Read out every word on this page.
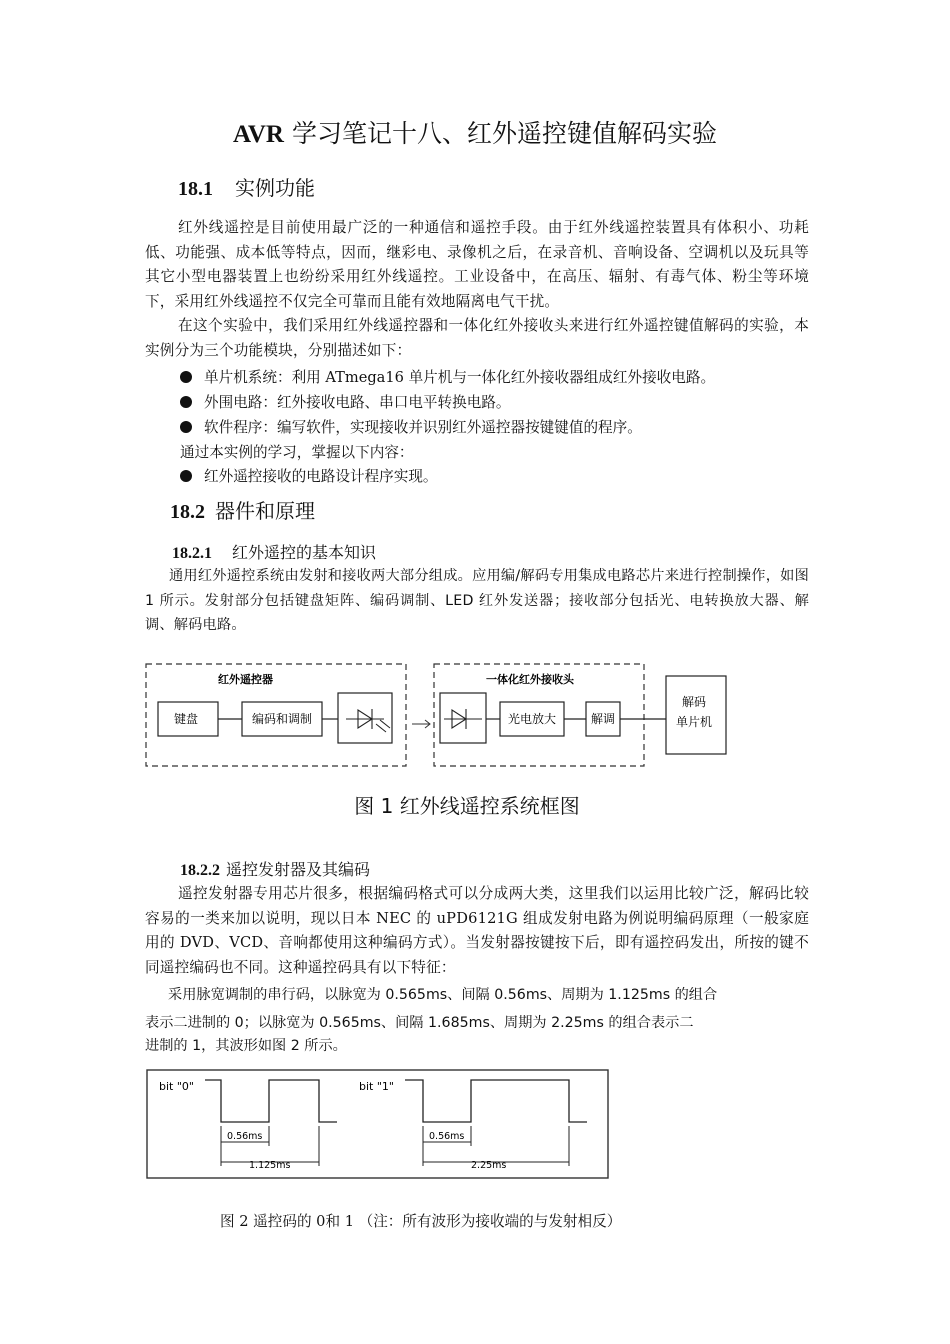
AVR 学习笔记十八、红外遥控键值解码实验
18.1 实例功能
红外线遥控是目前使用最广泛的一种通信和遥控手段。由于红外线遥控装置具有体积小、功耗低、功能强、成本低等特点，因而，继彩电、录像机之后，在录音机、音响设备、空调机以及玩具等其它小型电器装置上也纷纷采用红外线遥控。工业设备中，在高压、辐射、有毒气体、粉尘等环境下，采用红外线遥控不仅完全可靠而且能有效地隔离电气干扰。
在这个实验中，我们采用红外线遥控器和一体化红外接收头来进行红外遥控键值解码的实验，本实例分为三个功能模块，分别描述如下：
单片机系统：利用 ATmega16 单片机与一体化红外接收器组成红外接收电路。
外围电路：红外接收电路、串口电平转换电路。
软件程序：编写软件，实现接收并识别红外遥控器按键键值的程序。
通过本实例的学习，掌握以下内容：
红外遥控接收的电路设计程序实现。
18.2 器件和原理
18.2.1 红外遥控的基本知识
通用红外遥控系统由发射和接收两大部分组成。应用编/解码专用集成电路芯片来进行控制操作，如图 1 所示。发射部分包括键盘矩阵、编码调制、LED 红外发送器；接收部分包括光、电转换放大器、解调、解码电路。
红外遥控器
键盘	编码和调制
一体化红外接收头
光电放大	解调
解码
单片机
图 1 红外线遥控系统框图
18.2.2 遥控发射器及其编码
遥控发射器专用芯片很多，根据编码格式可以分成两大类，这里我们以运用比较广泛，解码比较容易的一类来加以说明，现以日本 NEC 的 uPD6121G 组成发射电路为例说明编码原理（一般家庭用的 DVD、VCD、音响都使用这种编码方式）。当发射器按键按下后，即有遥控码发出，所按的键不同遥控编码也不同。这种遥控码具有以下特征：
采用脉宽调制的串行码，以脉宽为 0.565ms、间隔 0.56ms、周期为 1.125ms 的组合
表示二进制的 0；以脉宽为 0.565ms、间隔 1.685ms、周期为 2.25ms 的组合表示二
进制的 1，其波形如图 2 所示。
bit "0"
0.56ms
1.125ms
bit "1"
0.56ms
2.25ms
图 2 遥控码的 0和 1 （注：所有波形为接收端的与发射相反）
